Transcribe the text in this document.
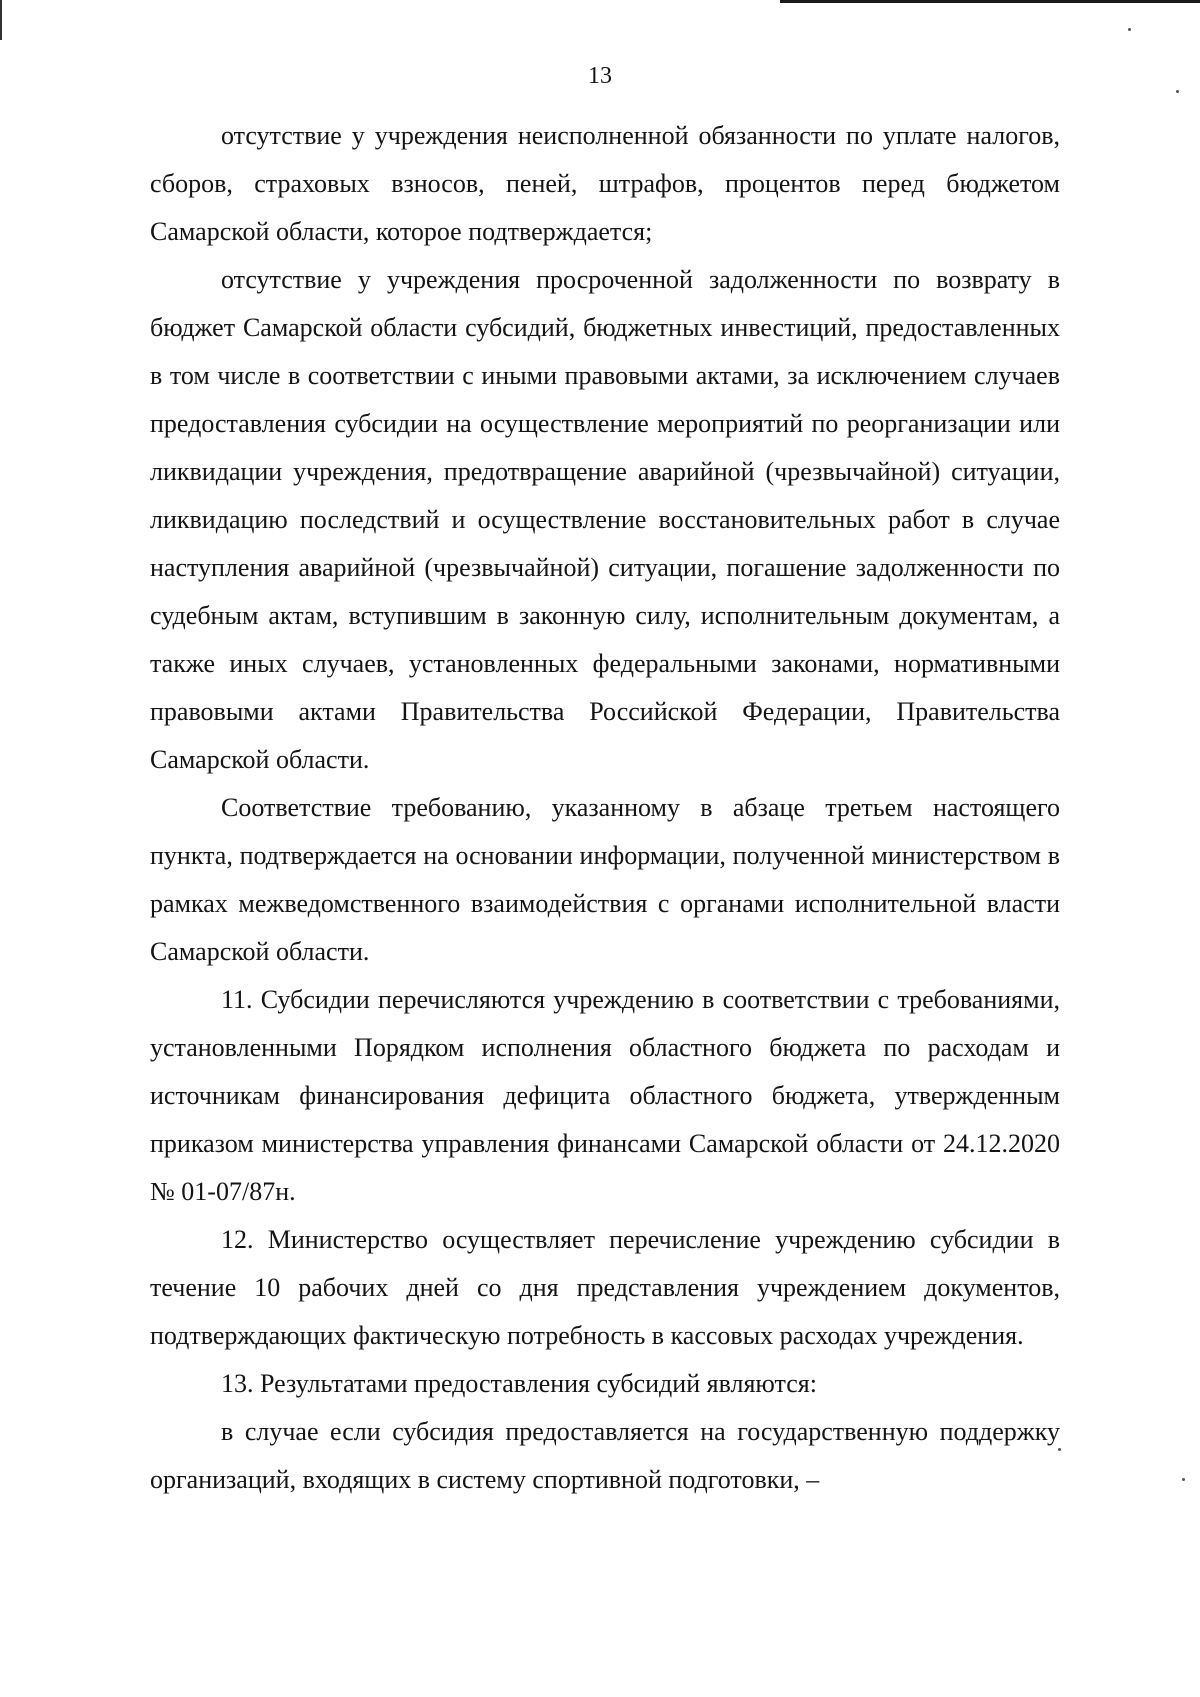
13

отсутствие у учреждения неисполненной обязанности по уплате налогов, сборов, страховых взносов, пеней, штрафов, процентов перед бюджетом Самарской области, которое подтверждается;

отсутствие у учреждения просроченной задолженности по возврату в бюджет Самарской области субсидий, бюджетных инвестиций, предоставленных в том числе в соответствии с иными правовыми актами, за исключением случаев предоставления субсидии на осуществление мероприятий по реорганизации или ликвидации учреждения, предотвращение аварийной (чрезвычайной) ситуации, ликвидацию последствий и осуществление восстановительных работ в случае наступления аварийной (чрезвычайной) ситуации, погашение задолженности по судебным актам, вступившим в законную силу, исполнительным документам, а также иных случаев, установленных федеральными законами, нормативными правовыми актами Правительства Российской Федерации, Правительства Самарской области.

Соответствие требованию, указанному в абзаце третьем настоящего пункта, подтверждается на основании информации, полученной министерством в рамках межведомственного взаимодействия с органами исполнительной власти Самарской области.

11. Субсидии перечисляются учреждению в соответствии с требованиями, установленными Порядком исполнения областного бюджета по расходам и источникам финансирования дефицита областного бюджета, утвержденным приказом министерства управления финансами Самарской области от 24.12.2020 № 01-07/87н.

12. Министерство осуществляет перечисление учреждению субсидии в течение 10 рабочих дней со дня представления учреждением документов, подтверждающих фактическую потребность в кассовых расходах учреждения.

13. Результатами предоставления субсидий являются:

в случае если субсидия предоставляется на государственную поддержку организаций, входящих в систему спортивной подготовки, –
